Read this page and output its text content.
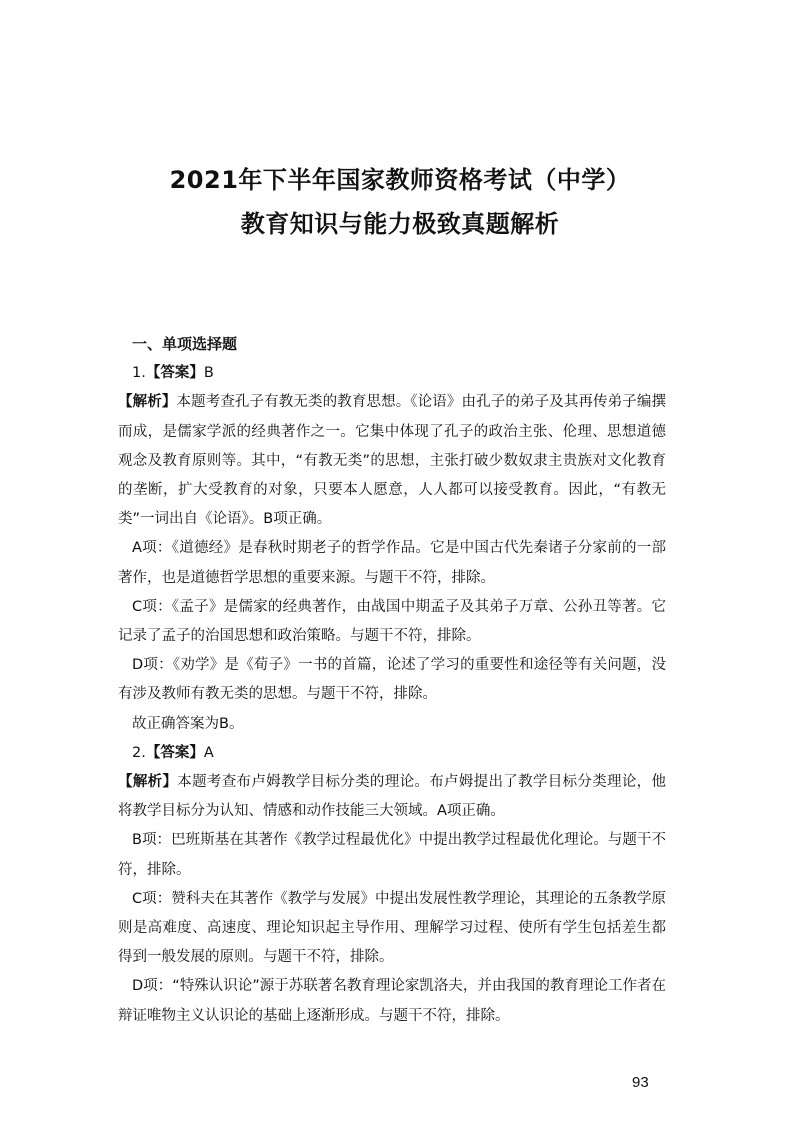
2021年下半年国家教师资格考试（中学）
教育知识与能力极致真题解析

一、单项选择题

1.【答案】B

【解析】本题考查孔子有教无类的教育思想。《论语》由孔子的弟子及其再传弟子编撰而成，是儒家学派的经典著作之一。它集中体现了孔子的政治主张、伦理、思想道德观念及教育原则等。其中，“有教无类”的思想，主张打破少数奴隶主贵族对文化教育的垄断，扩大受教育的对象，只要本人愿意，人人都可以接受教育。因此，“有教无类”一词出自《论语》。B项正确。

A项：《道德经》是春秋时期老子的哲学作品。它是中国古代先秦诸子分家前的一部著作，也是道德哲学思想的重要来源。与题干不符，排除。

C项：《孟子》是儒家的经典著作，由战国中期孟子及其弟子万章、公孙丑等著。它记录了孟子的治国思想和政治策略。与题干不符，排除。

D项：《劝学》是《荀子》一书的首篇，论述了学习的重要性和途径等有关问题，没有涉及教师有教无类的思想。与题干不符，排除。

故正确答案为B。

2.【答案】A

【解析】本题考查布卢姆教学目标分类的理论。布卢姆提出了教学目标分类理论，他将教学目标分为认知、情感和动作技能三大领域。A项正确。

B项：巴班斯基在其著作《教学过程最优化》中提出教学过程最优化理论。与题干不符，排除。

C项：赞科夫在其著作《教学与发展》中提出发展性教学理论，其理论的五条教学原则是高难度、高速度、理论知识起主导作用、理解学习过程、使所有学生包括差生都得到一般发展的原则。与题干不符，排除。

D项：“特殊认识论”源于苏联著名教育理论家凯洛夫，并由我国的教育理论工作者在辩证唯物主义认识论的基础上逐渐形成。与题干不符，排除。

93
